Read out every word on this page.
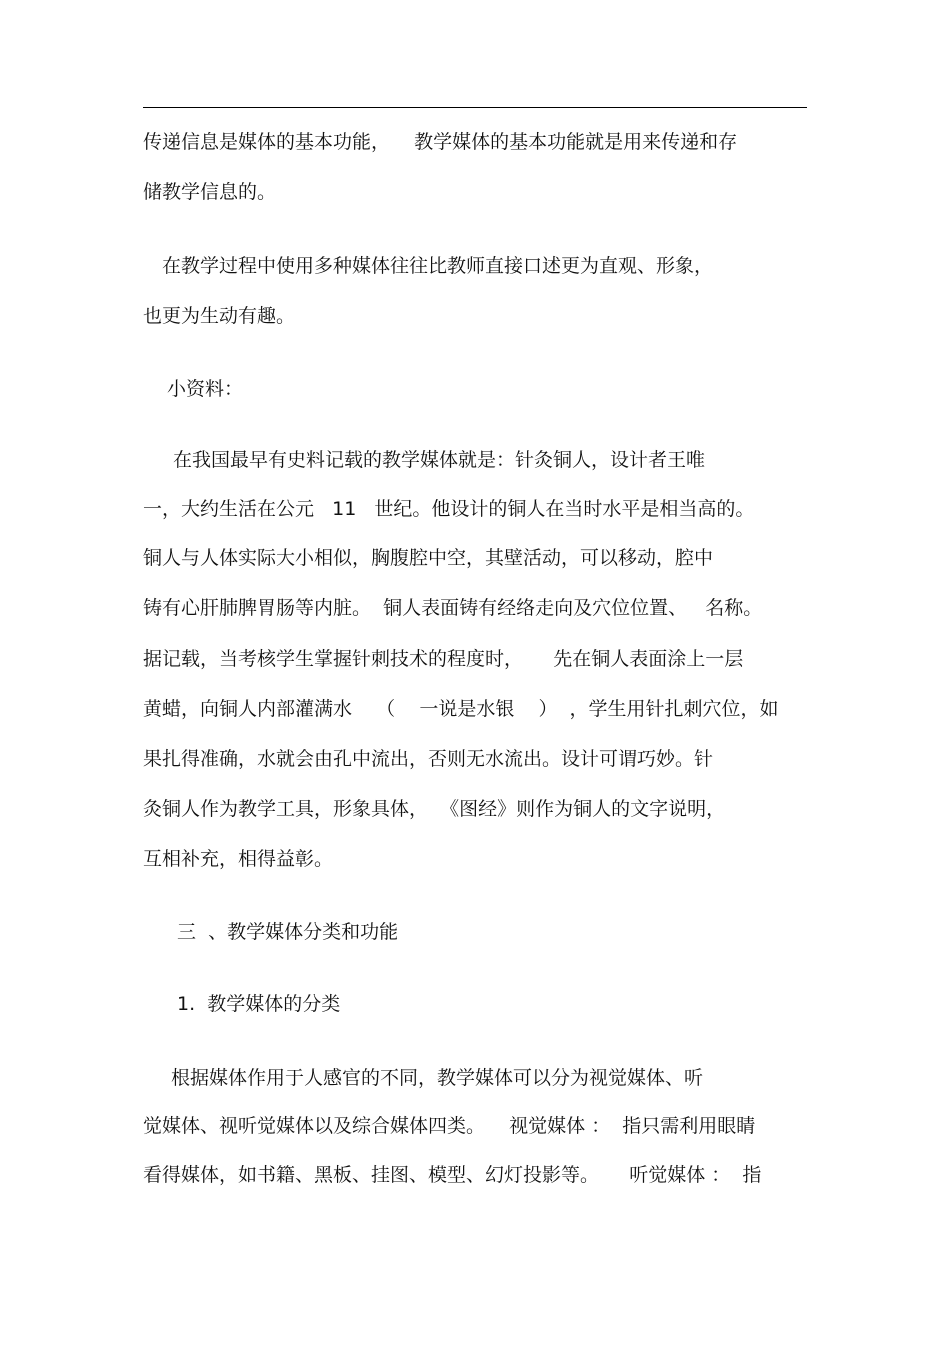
传递信息是媒体的基本功能，    教学媒体的基本功能就是用来传递和存
储教学信息的。
在教学过程中使用多种媒体往往比教师直接口述更为直观、形象，
也更为生动有趣。
小资料：
在我国最早有史料记载的教学媒体就是：针灸铜人，设计者王唯
一，大约生活在公元   11   世纪。他设计的铜人在当时水平是相当高的。
铜人与人体实际大小相似，胸腹腔中空，其壁活动，可以移动，腔中
铸有心肝肺脾胃肠等内脏。  铜人表面铸有经络走向及穴位位置、   名称。
据记载，当考核学生掌握针刺技术的程度时，     先在铜人表面涂上一层
黄蜡，向铜人内部灌满水    （    一说是水银    ）  ，学生用针扎刺穴位，如
果扎得准确，水就会由孔中流出，否则无水流出。设计可谓巧妙。针
灸铜人作为教学工具，形象具体，  《图经》则作为铜人的文字说明，
互相补充，相得益彰。
三  、教学媒体分类和功能
1.  教学媒体的分类
根据媒体作用于人感官的不同，教学媒体可以分为视觉媒体、听
觉媒体、视听觉媒体以及综合媒体四类。    视觉媒体 ：  指只需利用眼睛
看得媒体，如书籍、黑板、挂图、模型、幻灯投影等。     听觉媒体 ：  指
